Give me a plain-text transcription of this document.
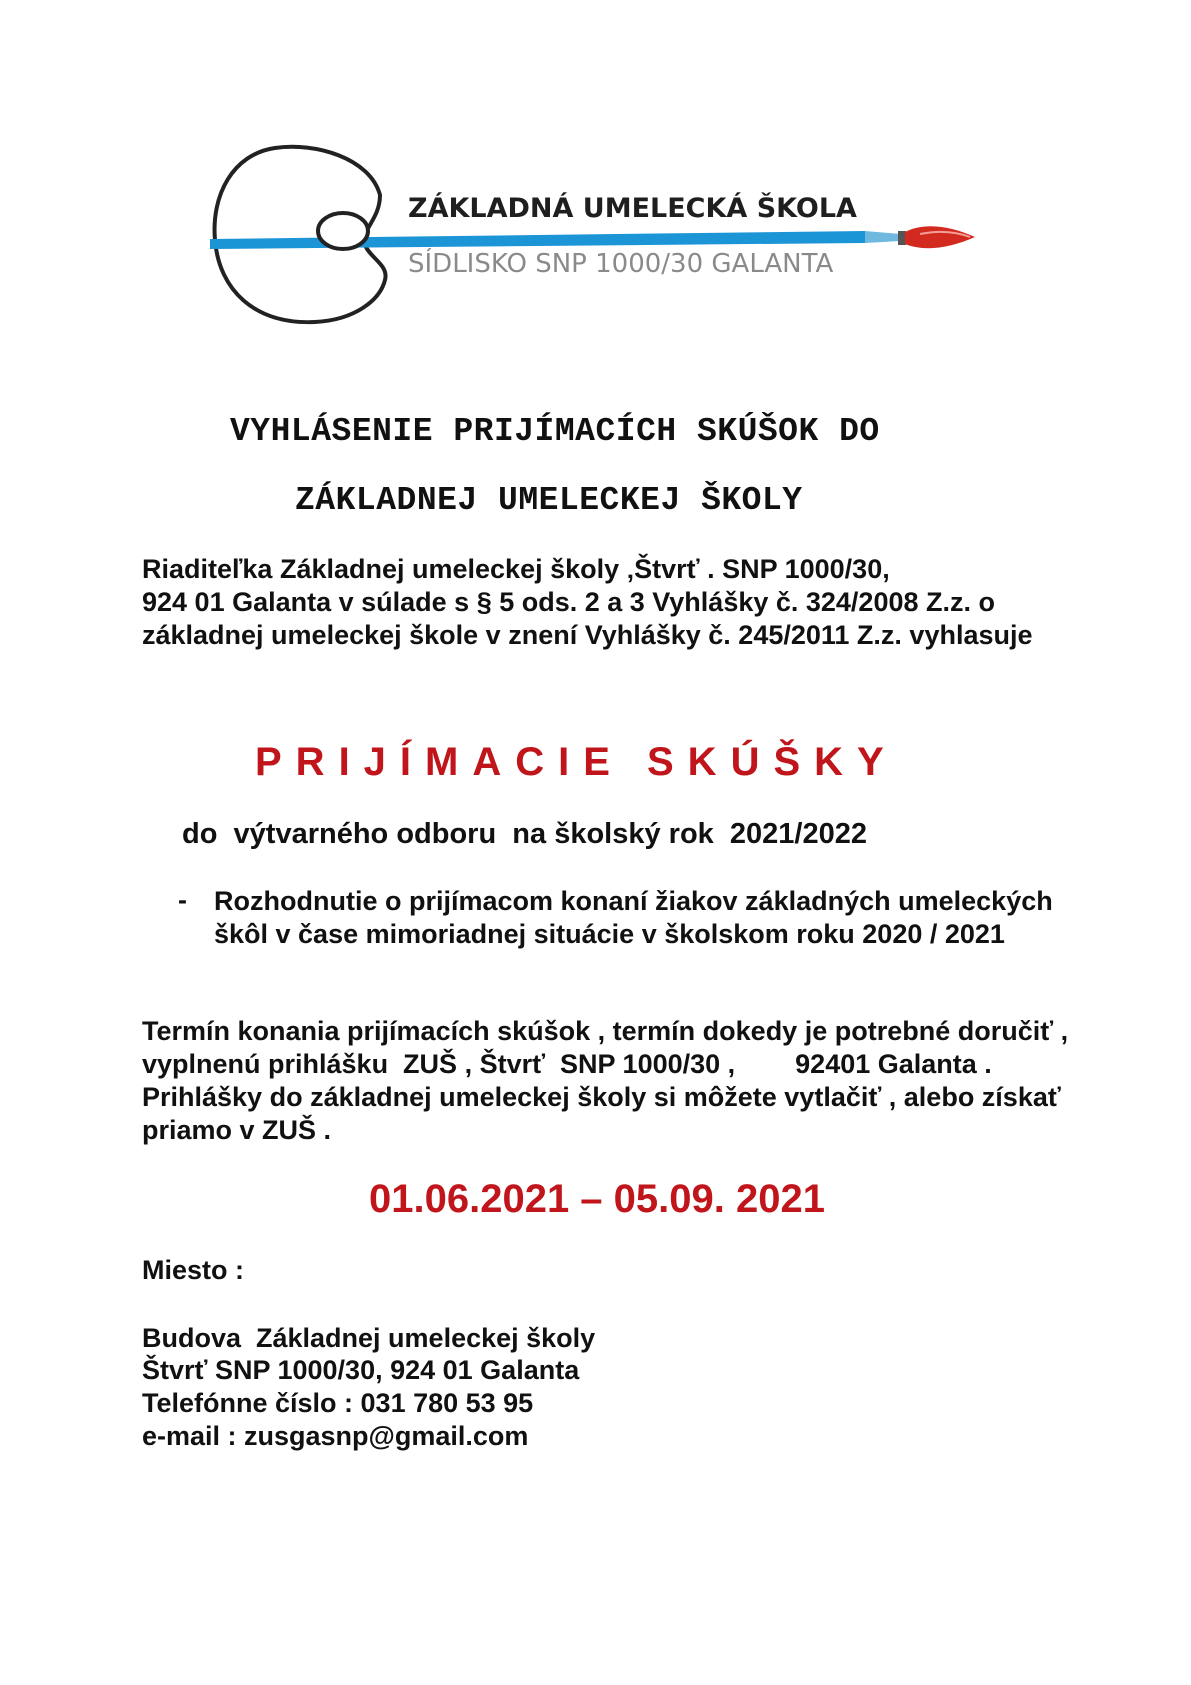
ZÁKLADNÁ UMELECKÁ ŠKOLA
SÍDLISKO SNP 1000/30 GALANTA
VYHLÁSENIE PRIJÍMACÍCH SKÚŠOK DO
ZÁKLADNEJ UMELECKEJ ŠKOLY
Riaditeľka Základnej umeleckej školy ‚Štvrť . SNP 1000/30,
924 01 Galanta v súlade s § 5 ods. 2 a 3 Vyhlášky č. 324/2008 Z.z. o základnej umeleckej škole v znení Vyhlášky č. 245/2011 Z.z. vyhlasuje
PRIJÍMACIE SKÚŠKY
do  výtvarného odboru  na školský rok  2021/2022
- Rozhodnutie o prijímacom konaní žiakov základných umeleckých škôl v čase mimoriadnej situácie v školskom roku 2020 / 2021
Termín konania prijímacích skúšok , termín dokedy je potrebné doručiť , vyplnenú prihlášku  ZUŠ , Štvrť  SNP 1000/30 ,        92401 Galanta . Prihlášky do základnej umeleckej školy si môžete vytlačiť , alebo získať priamo v ZUŠ .
01.06.2021 – 05.09. 2021
Miesto :
Budova  Základnej umeleckej školy
Štvrť SNP 1000/30, 924 01 Galanta
Telefónne číslo : 031 780 53 95
e-mail : zusgasnp@gmail.com
